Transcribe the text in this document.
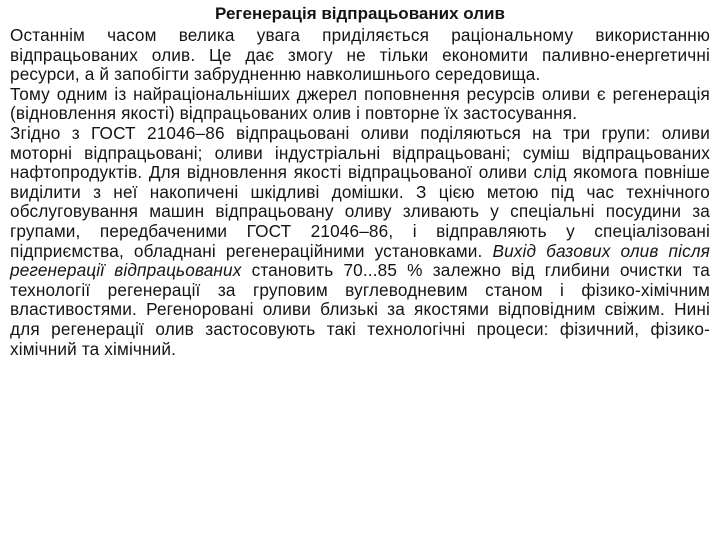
Регенерація відпрацьованих олив

Останнім часом велика увага приділяється раціональному використанню відпрацьованих олив. Це дає змогу не тільки економити паливно-енергетичні ресурси, а й запобігти забрудненню навколишнього середовища.

Тому одним із найраціональніших джерел поповнення ресурсів оливи є регенерація (відновлення якості) відпрацьованих олив і повторне їх застосування.

Згідно з ГОСТ 21046–86 відпрацьовані оливи поділяються на три групи: оливи моторні відпрацьовані; оливи індустріальні відпрацьовані; суміш відпрацьованих нафтопродуктів. Для відновлення якості відпрацьованої оливи слід якомога повніше виділити з неї накопичені шкідливі домішки. З цією метою під час технічного обслуговування машин відпрацьовану оливу зливають у спеціальні посудини за групами, передбаченими ГОСТ 21046–86, і відправляють у спеціалізовані підприємства, обладнані регенераційними установками. Вихід базових олив після регенерації відпрацьованих становить 70...85 % залежно від глибини очистки та технології регенерації за груповим вуглеводневим станом і фізико-хімічним властивостями. Регеноровані оливи близькі за якостями відповідним свіжим. Нині для регенерації олив застосовують такі технологічні процеси: фізичний, фізико-хімічний та хімічний.
